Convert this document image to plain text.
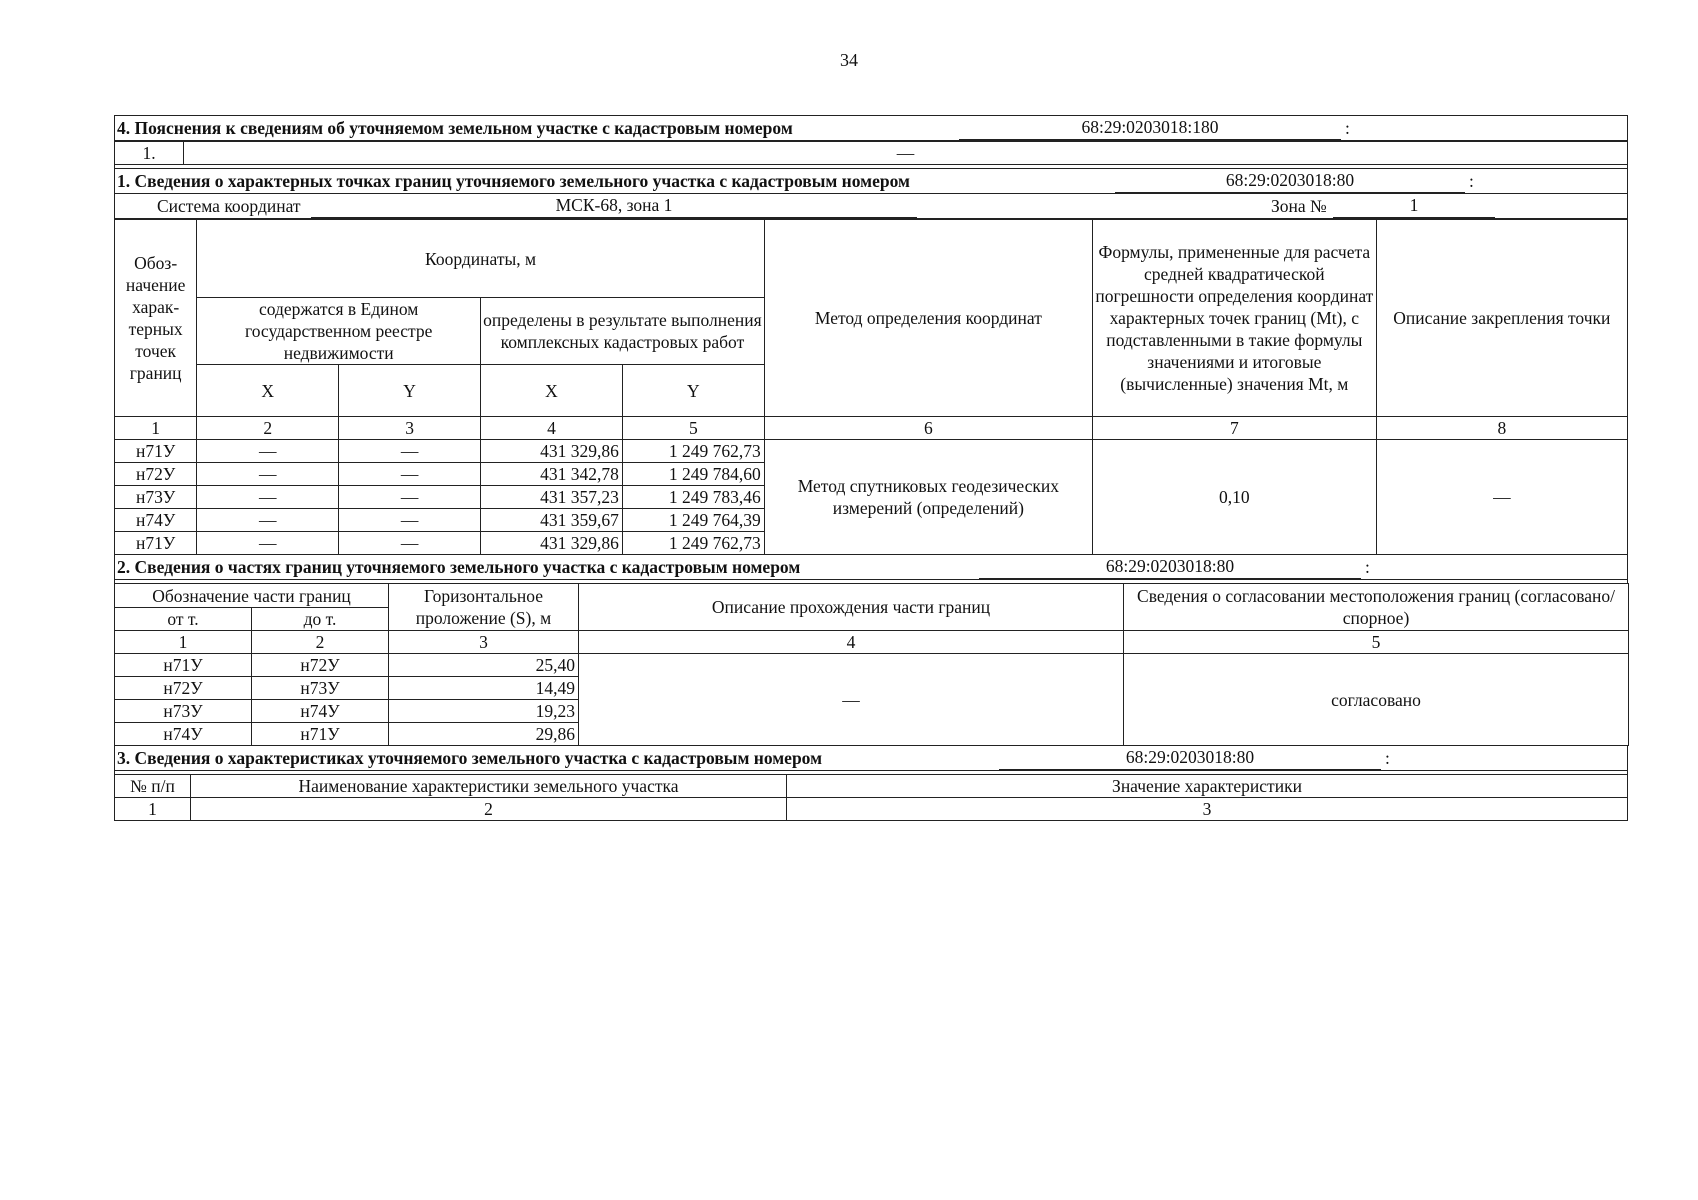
34
4. Пояснения к сведениям об уточняемом земельном участке с кадастровым номером	68:29:0203018:180	:
1.	—
1. Сведения о характерных точках границ уточняемого земельного участка с кадастровым номером	68:29:0203018:80	:
Система координат	МСК-68, зона 1	Зона №	1
Обоз-начение харак-терных точек границ	Координаты, м				Метод определения координат	Формулы, примененные для расчета средней квадратической погрешности определения координат характерных точек границ (Mt), с подставленными в такие формулы значениями и итоговые (вычисленные) значения Mt, м	Описание закрепления точки
	содержатся в Едином государственном реестре недвижимости		определены в результате выполнения комплексных кадастровых работ				
	X	Y	X	Y			
1	2	3	4	5	6	7	8
н71У	—	—	431 329,86	1 249 762,73	Метод спутниковых геодезических измерений (определений)	0,10	—
н72У	—	—	431 342,78	1 249 784,60			
н73У	—	—	431 357,23	1 249 783,46			
н74У	—	—	431 359,67	1 249 764,39			
н71У	—	—	431 329,86	1 249 762,73			
2. Сведения о частях границ уточняемого земельного участка с кадастровым номером	68:29:0203018:80	:
Обозначение части границ		Горизонтальное проложение (S), м	Описание прохождения части границ	Сведения о согласовании местоположения границ (согласовано/спорное)
от т.	до т.			
1	2	3	4	5
н71У	н72У	25,40	—	согласовано
н72У	н73У	14,49		
н73У	н74У	19,23		
н74У	н71У	29,86		
3. Сведения о характеристиках уточняемого земельного участка с кадастровым номером	68:29:0203018:80	:
№ п/п	Наименование характеристики земельного участка	Значение характеристики
1	2	3
